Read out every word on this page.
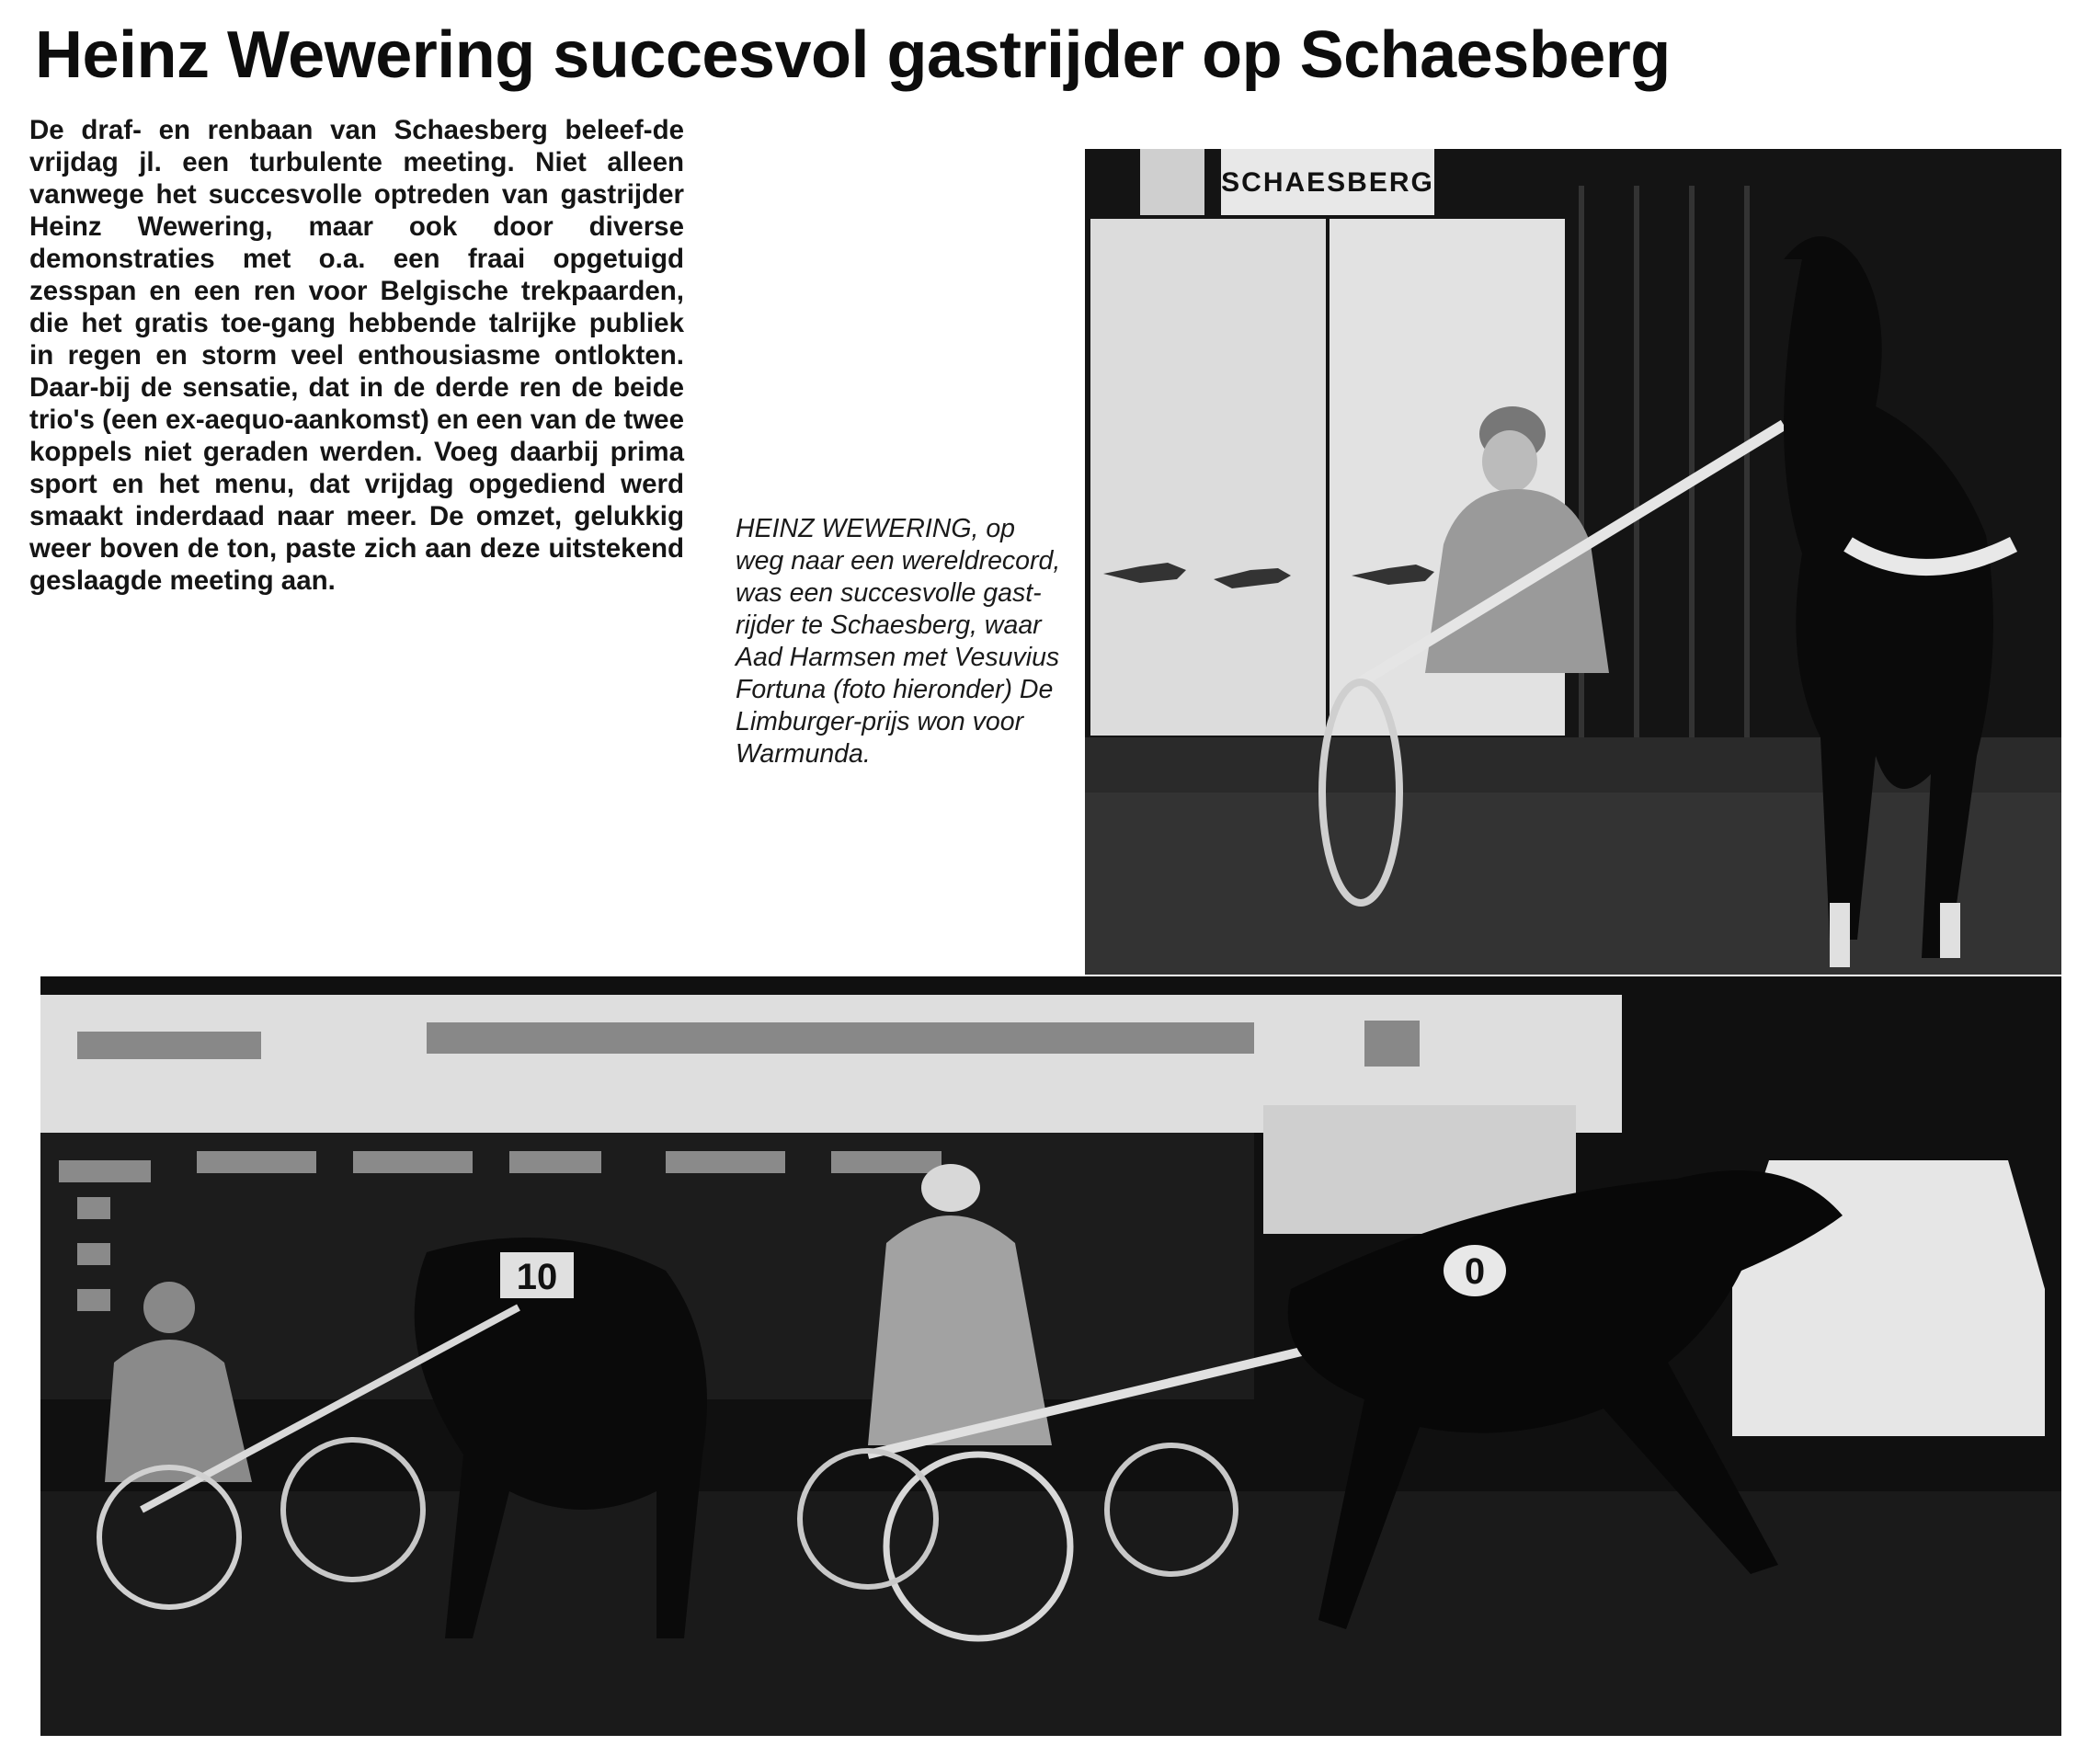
Heinz Wewering succesvol gastrijder op Schaesberg

De draf- en renbaan van Schaesberg beleef-de vrijdag jl. een turbulente meeting. Niet alleen vanwege het succesvolle optreden van gastrijder Heinz Wewering, maar ook door diverse demonstraties met o.a. een fraai opgetuigd zesspan en een ren voor Belgische trekpaarden, die het gratis toe-gang hebbende talrijke publiek in regen en storm veel enthousiasme ontlokten. Daar-bij de sensatie, dat in de derde ren de beide trio's (een ex-aequo-aankomst) en een van de twee koppels niet geraden werden. Voeg daarbij prima sport en het menu, dat vrijdag opgediend werd smaakt inderdaad naar meer. De omzet, gelukkig weer boven de ton, paste zich aan deze uitstekend geslaagde meeting aan.

HEINZ WEWERING, op weg naar een wereldrecord, was een succesvolle gast-rijder te Schaesberg, waar Aad Harmsen met Vesuvius Fortuna (foto hieronder) De Limburger-prijs won voor Warmunda.

SCHAESBERG
10	0
